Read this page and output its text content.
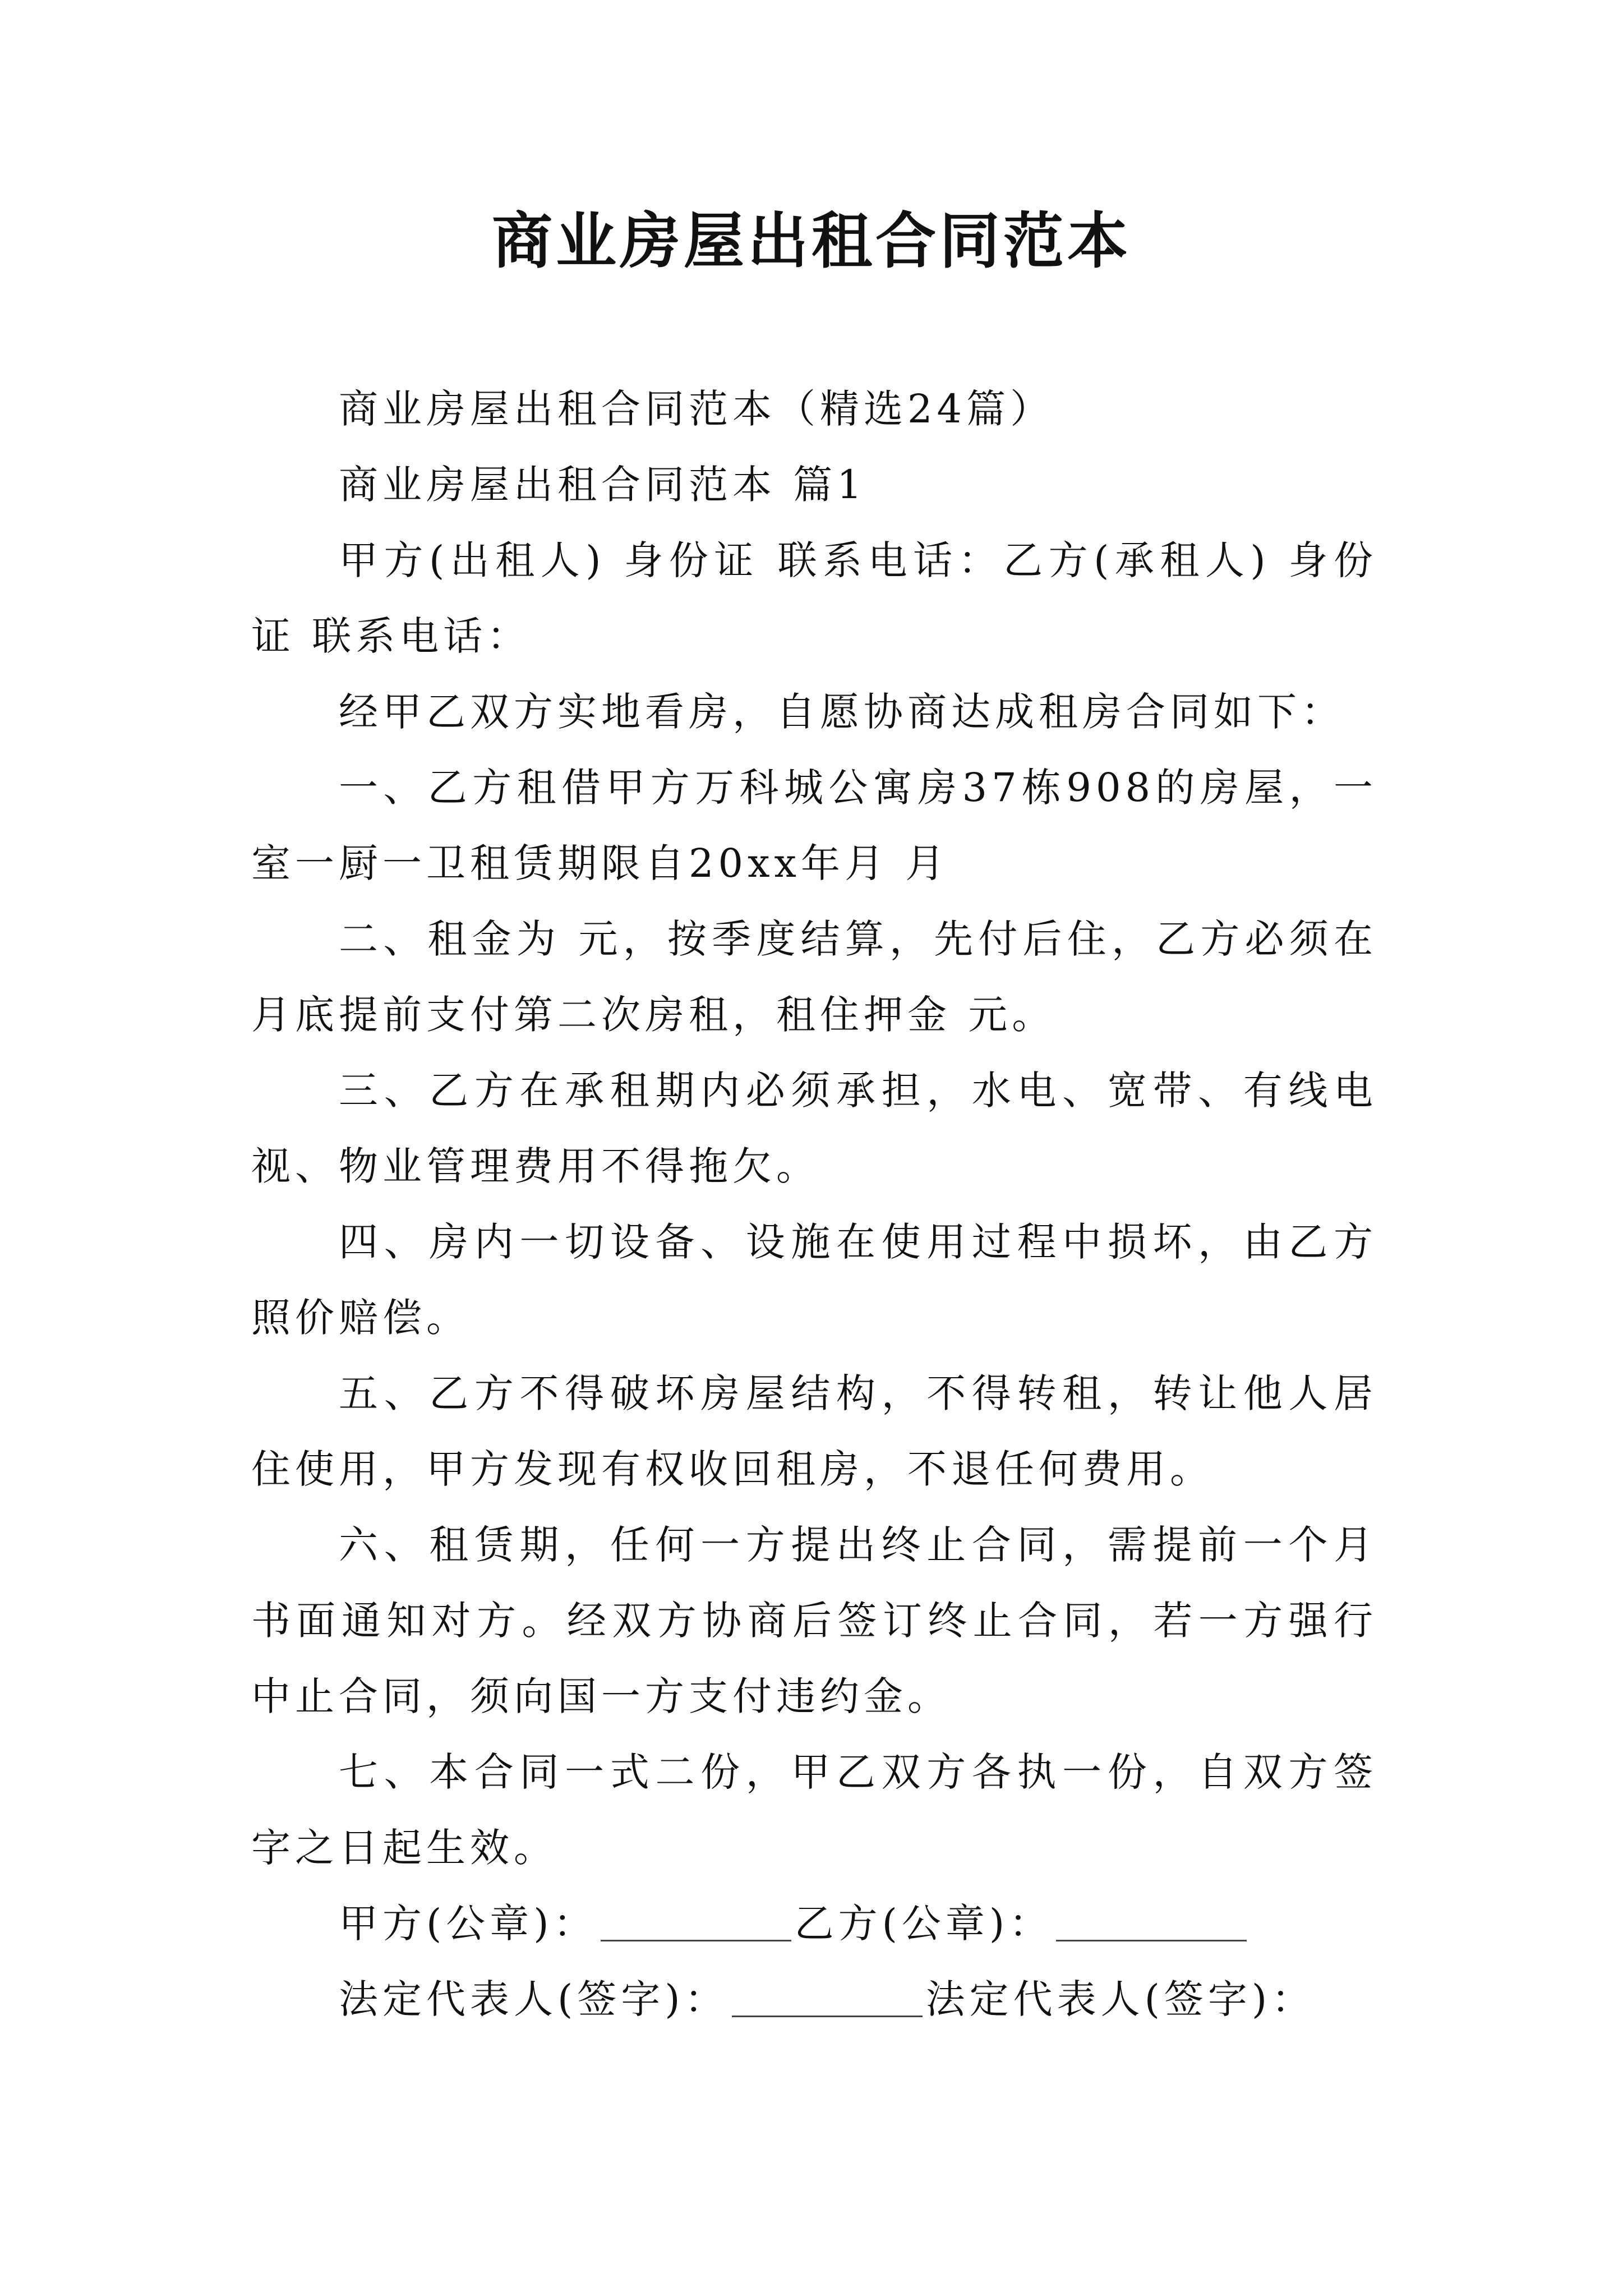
商业房屋出租合同范本

商业房屋出租合同范本（精选24篇）

商业房屋出租合同范本 篇1

甲方(出租人) 身份证 联系电话：乙方(承租人) 身份证 联系电话：

经甲乙双方实地看房，自愿协商达成租房合同如下：

一、乙方租借甲方万科城公寓房37栋908的房屋，一室一厨一卫租赁期限自20xx年月 月

二、租金为 元，按季度结算，先付后住，乙方必须在月底提前支付第二次房租，租住押金 元。

三、乙方在承租期内必须承担，水电、宽带、有线电视、物业管理费用不得拖欠。

四、房内一切设备、设施在使用过程中损坏，由乙方照价赔偿。

五、乙方不得破坏房屋结构，不得转租，转让他人居住使用，甲方发现有权收回租房，不退任何费用。

六、租赁期，任何一方提出终止合同，需提前一个月书面通知对方。经双方协商后签订终止合同，若一方强行中止合同，须向国一方支付违约金。

七、本合同一式二份，甲乙双方各执一份，自双方签字之日起生效。

甲方(公章)：	乙方(公章)：
法定代表人(签字)：	法定代表人(签字)：
